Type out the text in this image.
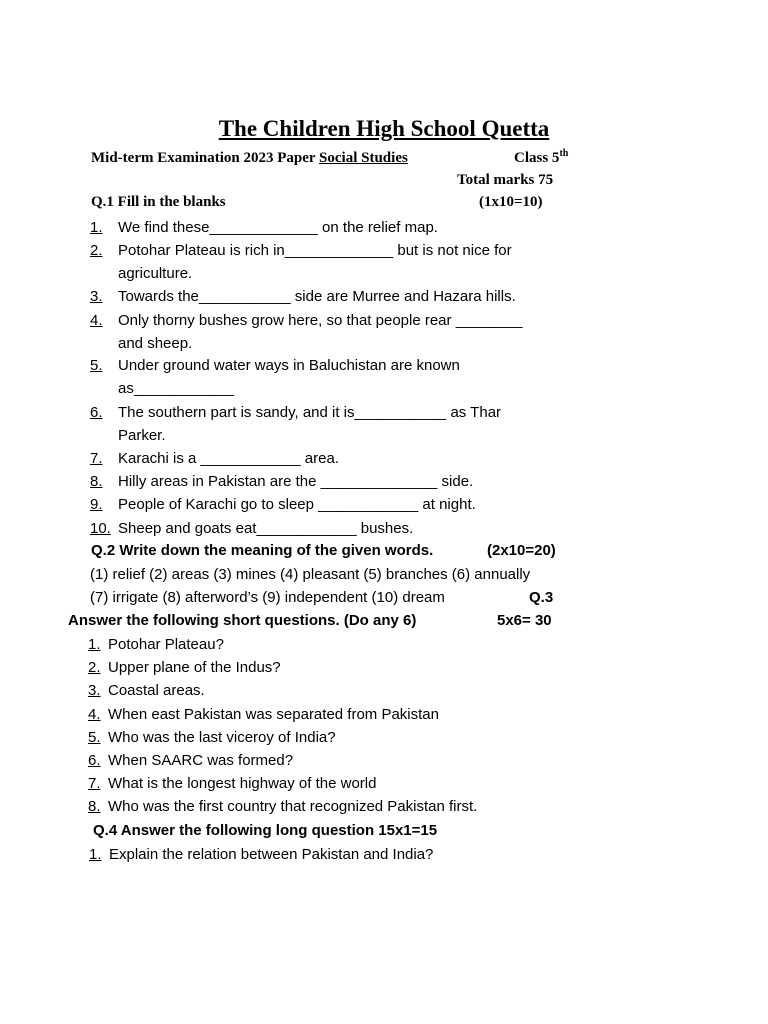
The Children High School Quetta
Mid-term Examination 2023 Paper Social Studies	Class 5th
Total marks 75
Q.1 Fill in the blanks	(1x10=10)
1. We find these_____________ on the relief map.
2. Potohar Plateau is rich in_____________ but is not nice for
agriculture.
3. Towards the___________ side are Murree and Hazara hills.
4. Only thorny bushes grow here, so that people rear ________
and sheep.
5. Under ground water ways in Baluchistan are known
as____________
6. The southern part is sandy, and it is___________ as Thar
Parker.
7. Karachi is a ____________ area.
8. Hilly areas in Pakistan are the ______________ side.
9. People of Karachi go to sleep ____________ at night.
10. Sheep and goats eat____________ bushes.
Q.2 Write down the meaning of the given words.	(2x10=20)
(1) relief (2) areas (3) mines (4) pleasant (5) branches (6) annually
(7) irrigate (8) afterword’s (9) independent (10) dream	Q.3
Answer the following short questions. (Do any 6)	5x6= 30
1. Potohar Plateau?
2. Upper plane of the Indus?
3. Coastal areas.
4. When east Pakistan was separated from Pakistan
5. Who was the last viceroy of India?
6. When SAARC was formed?
7. What is the longest highway of the world
8. Who was the first country that recognized Pakistan first.
Q.4 Answer the following long question 15x1=15
1. Explain the relation between Pakistan and India?
